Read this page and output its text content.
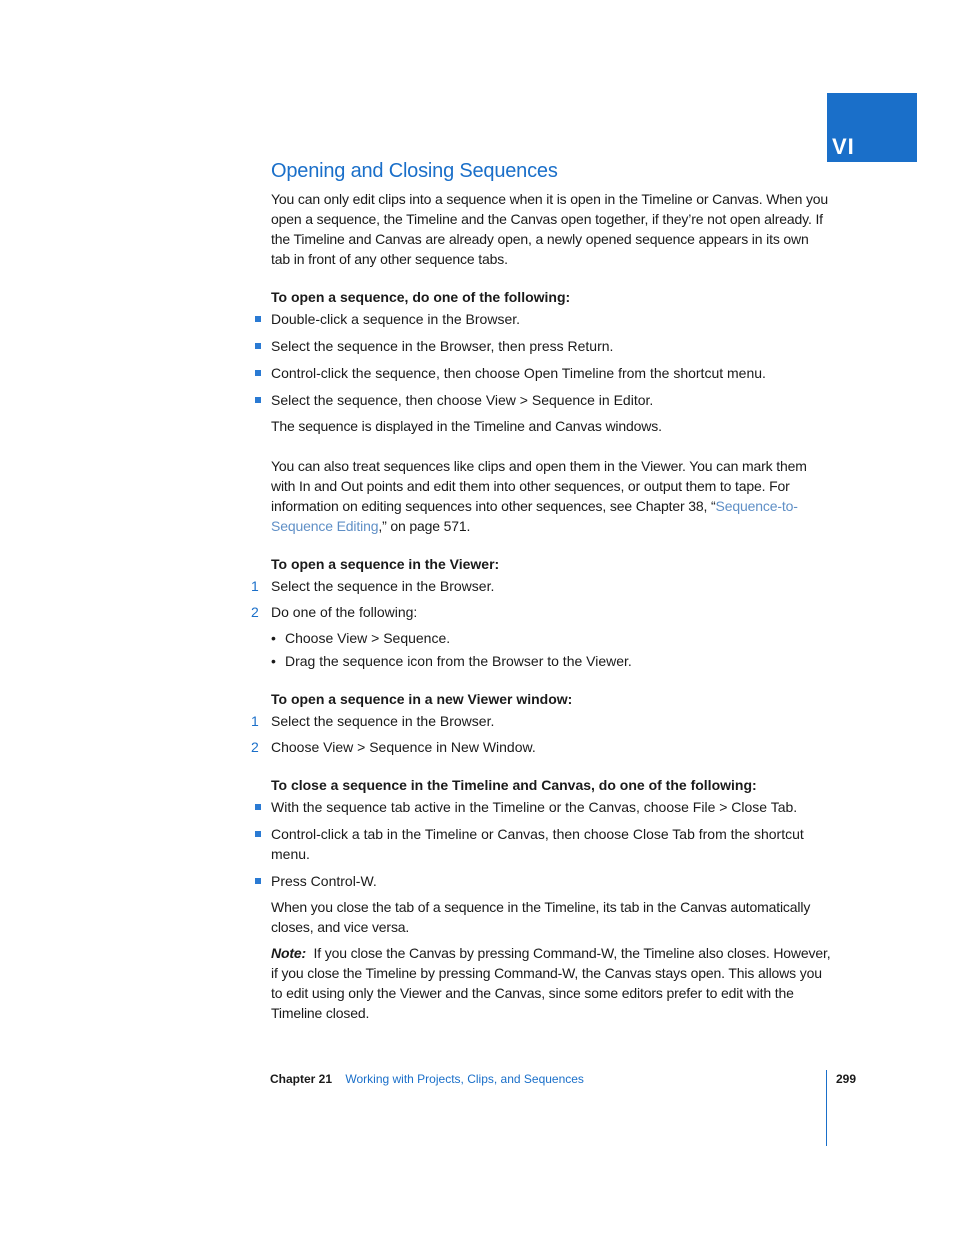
VI
Opening and Closing Sequences

You can only edit clips into a sequence when it is open in the Timeline or Canvas. When you open a sequence, the Timeline and the Canvas open together, if they’re not open already. If the Timeline and Canvas are already open, a newly opened sequence appears in its own tab in front of any other sequence tabs.

To open a sequence, do one of the following:
Double-click a sequence in the Browser.
Select the sequence in the Browser, then press Return.
Control-click the sequence, then choose Open Timeline from the shortcut menu.
Select the sequence, then choose View > Sequence in Editor.

The sequence is displayed in the Timeline and Canvas windows.

You can also treat sequences like clips and open them in the Viewer. You can mark them with In and Out points and edit them into other sequences, or output them to tape. For information on editing sequences into other sequences, see Chapter 38, “Sequence-to-Sequence Editing,” on page 571.

To open a sequence in the Viewer:
1 Select the sequence in the Browser.
2 Do one of the following:
• Choose View > Sequence.
• Drag the sequence icon from the Browser to the Viewer.
To open a sequence in a new Viewer window:
1 Select the sequence in the Browser.
2 Choose View > Sequence in New Window.
To close a sequence in the Timeline and Canvas, do one of the following:
With the sequence tab active in the Timeline or the Canvas, choose File > Close Tab.
Control-click a tab in the Timeline or Canvas, then choose Close Tab from the shortcut menu.
Press Control-W.

When you close the tab of a sequence in the Timeline, its tab in the Canvas automatically closes, and vice versa.

Note: If you close the Canvas by pressing Command-W, the Timeline also closes. However, if you close the Timeline by pressing Command-W, the Canvas stays open. This allows you to edit using only the Viewer and the Canvas, since some editors prefer to edit with the Timeline closed.

Chapter 21 Working with Projects, Clips, and Sequences	299
